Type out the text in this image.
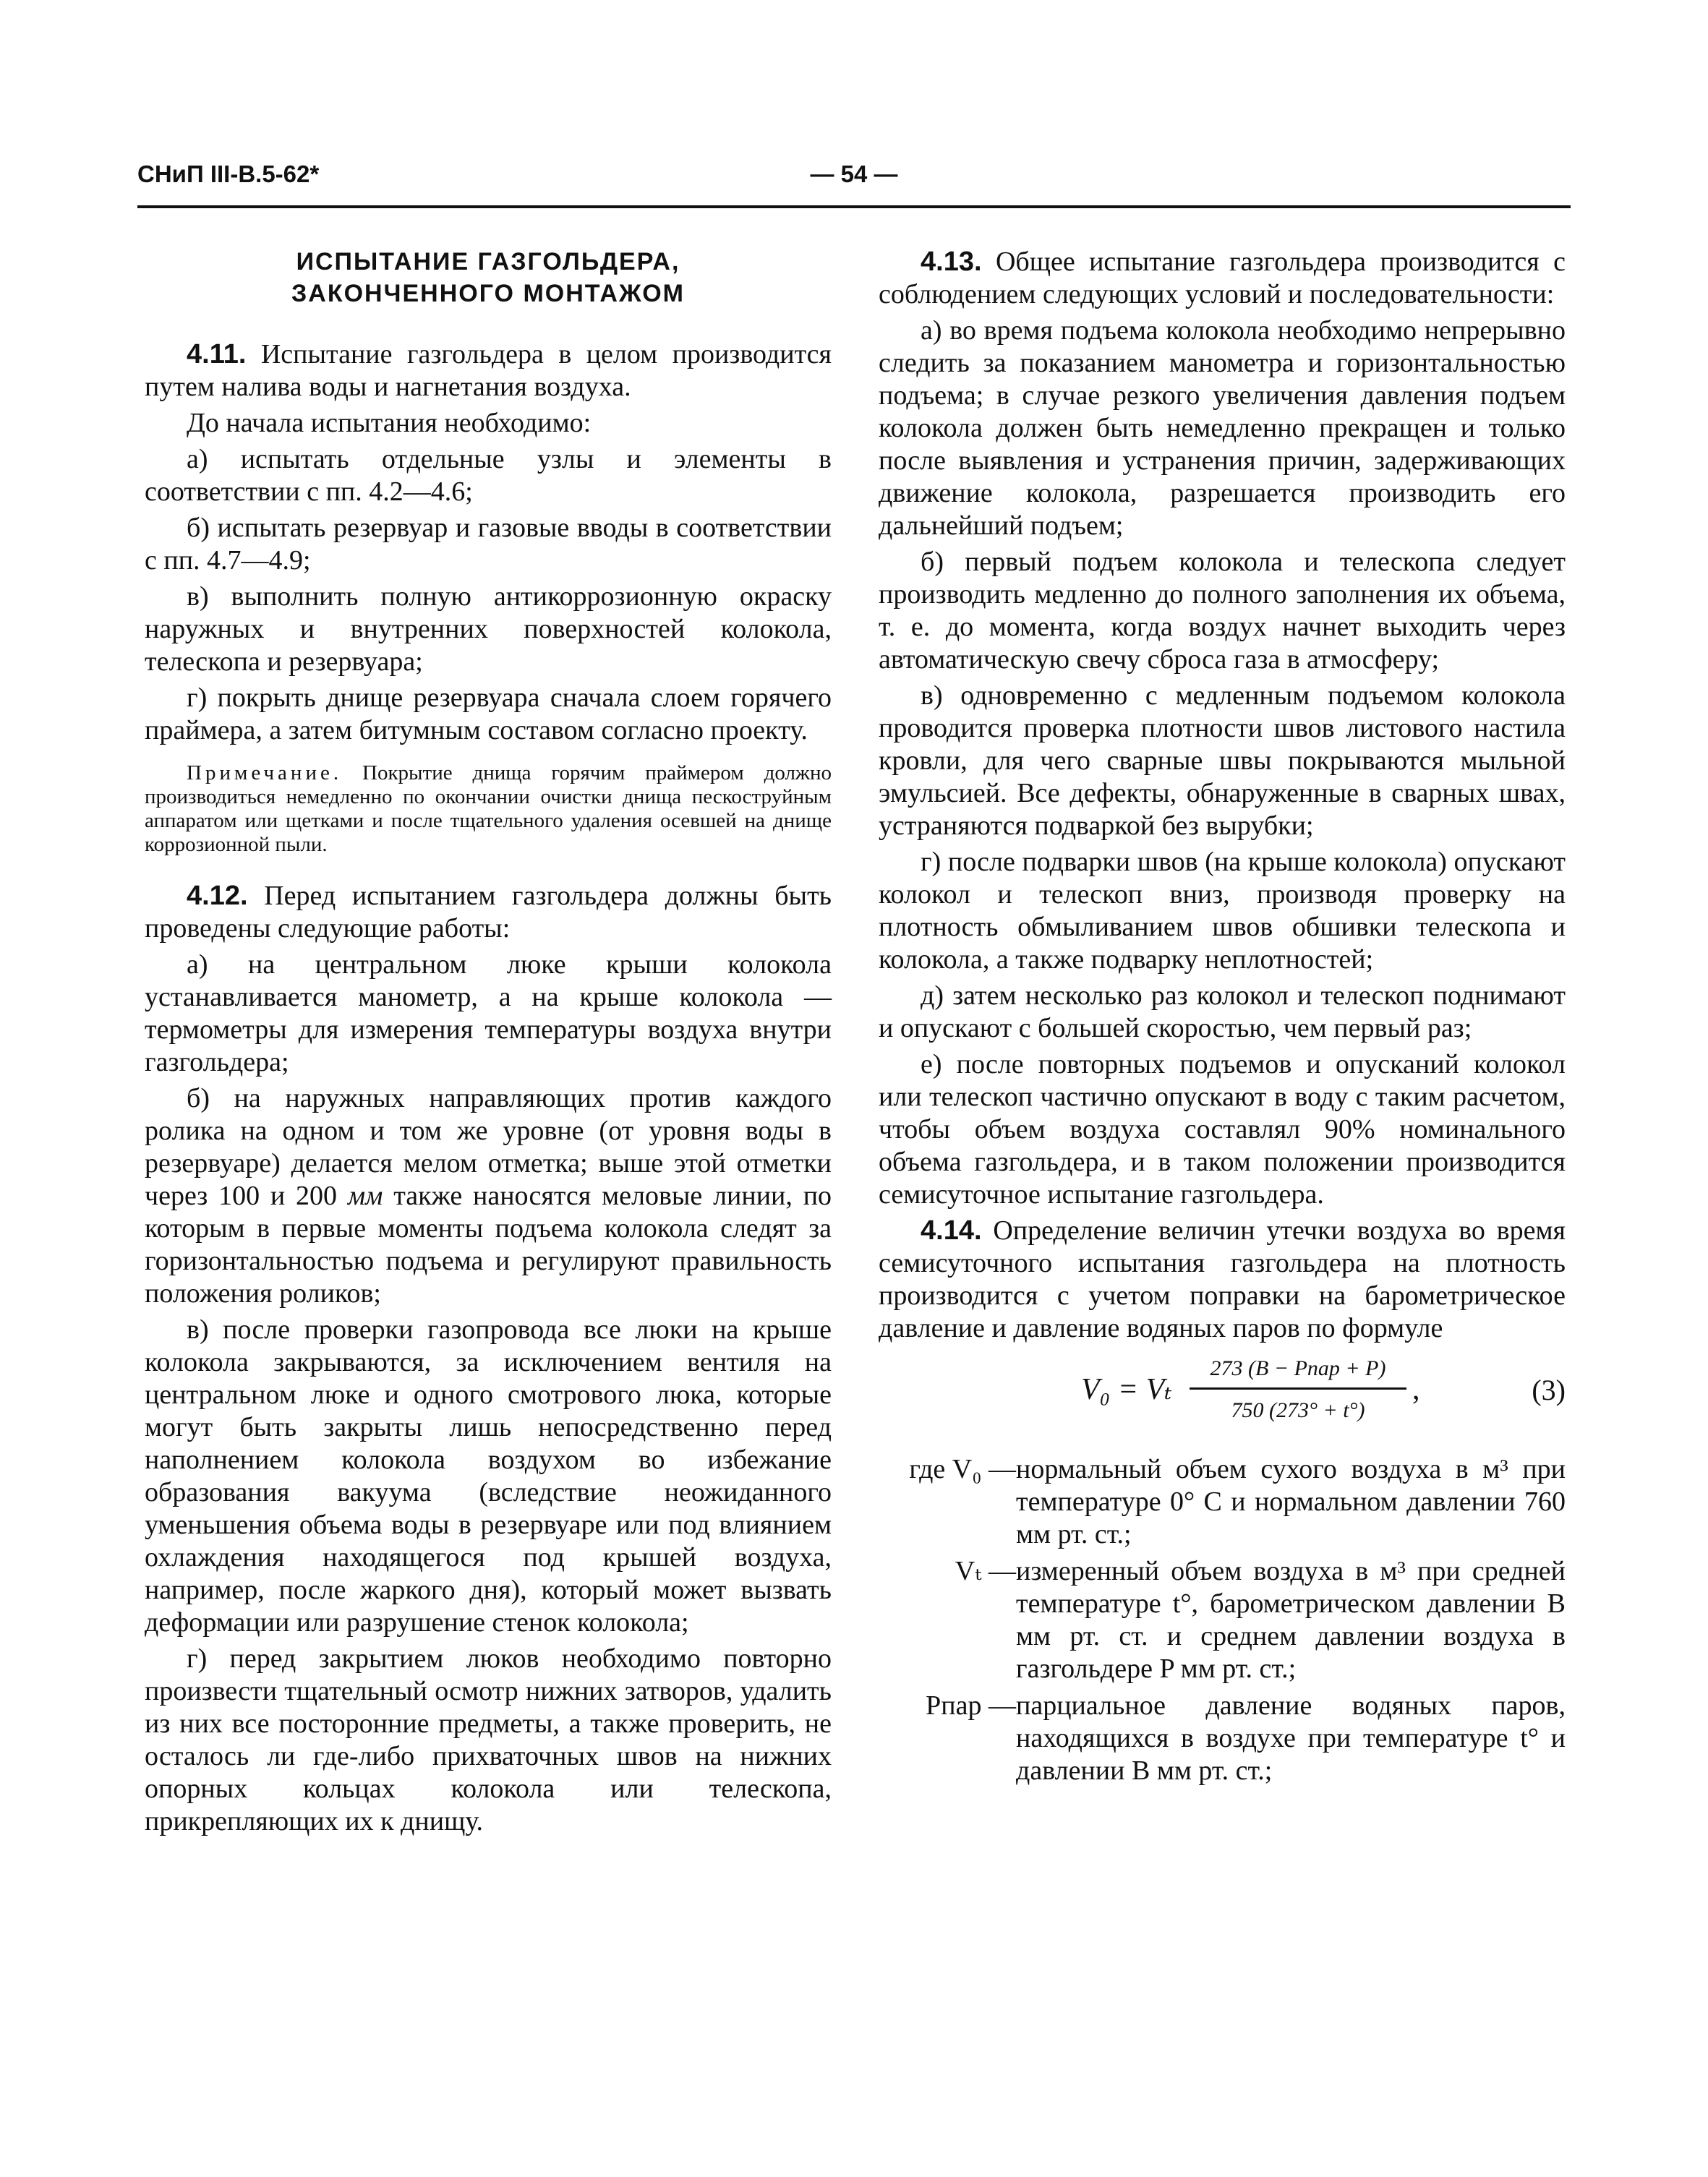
СНиП III-В.5-62*	— 54 —
ИСПЫТАНИЕ ГАЗГОЛЬДЕРА,
ЗАКОНЧЕННОГО МОНТАЖОМ

4.11. Испытание газгольдера в целом производится путем налива воды и нагнетания воздуха.

До начала испытания необходимо:

а) испытать отдельные узлы и элементы в соответствии с пп. 4.2—4.6;

б) испытать резервуар и газовые вводы в соответствии с пп. 4.7—4.9;

в) выполнить полную антикоррозионную окраску наружных и внутренних поверхностей колокола, телескопа и резервуара;

г) покрыть днище резервуара сначала слоем горячего праймера, а затем битумным составом согласно проекту.

Примечание. Покрытие днища горячим праймером должно производиться немедленно по окончании очистки днища пескоструйным аппаратом или щетками и после тщательного удаления осевшей на днище коррозионной пыли.

4.12. Перед испытанием газгольдера должны быть проведены следующие работы:

а) на центральном люке крыши колокола устанавливается манометр, а на крыше колокола — термометры для измерения температуры воздуха внутри газгольдера;

б) на наружных направляющих против каждого ролика на одном и том же уровне (от уровня воды в резервуаре) делается мелом отметка; выше этой отметки через 100 и 200 мм также наносятся меловые линии, по которым в первые моменты подъема колокола следят за горизонтальностью подъема и регулируют правильность положения роликов;

в) после проверки газопровода все люки на крыше колокола закрываются, за исключением вентиля на центральном люке и одного смотрового люка, которые могут быть закрыты лишь непосредственно перед наполнением колокола воздухом во избежание образования вакуума (вследствие неожиданного уменьшения объема воды в резервуаре или под влиянием охлаждения находящегося под крышей воздуха, например, после жаркого дня), который может вызвать деформации или разрушение стенок колокола;

г) перед закрытием люков необходимо повторно произвести тщательный осмотр нижних затворов, удалить из них все посторонние предметы, а также проверить, не осталось ли где-либо прихваточных швов на нижних опорных кольцах колокола или телескопа, прикрепляющих их к днищу.

4.13. Общее испытание газгольдера производится с соблюдением следующих условий и последовательности:

а) во время подъема колокола необходимо непрерывно следить за показанием манометра и горизонтальностью подъема; в случае резкого увеличения давления подъем колокола должен быть немедленно прекращен и только после выявления и устранения причин, задерживающих движение колокола, разрешается производить его дальнейший подъем;

б) первый подъем колокола и телескопа следует производить медленно до полного заполнения их объема, т. е. до момента, когда воздух начнет выходить через автоматическую свечу сброса газа в атмосферу;

в) одновременно с медленным подъемом колокола проводится проверка плотности швов листового настила кровли, для чего сварные швы покрываются мыльной эмульсией. Все дефекты, обнаруженные в сварных швах, устраняются подваркой без вырубки;

г) после подварки швов (на крыше колокола) опускают колокол и телескоп вниз, производя проверку на плотность обмыливанием швов обшивки телескопа и колокола, а также подварку неплотностей;

д) затем несколько раз колокол и телескоп поднимают и опускают с большей скоростью, чем первый раз;

е) после повторных подъемов и опусканий колокол или телескоп частично опускают в воду с таким расчетом, чтобы объем воздуха составлял 90% номинального объема газгольдера, и в таком положении производится семисуточное испытание газгольдера.

4.14. Определение величин утечки воздуха во время семисуточного испытания газгольдера на плотность производится с учетом поправки на барометрическое давление и давление водяных паров по формуле

V₀ = Vₜ
273 (B − Pпар + P)
750 (273° + t°)
,	(3)
где V₀ — нормальный объем сухого воздуха в м³ при температуре 0° С и нормальном давлении 760 мм рт. ст.;
Vₜ — измеренный объем воздуха в м³ при средней температуре t°, барометрическом давлении B мм рт. ст. и среднем давлении воздуха в газгольдере P мм рт. ст.;
Pпар — парциальное давление водяных паров, находящихся в воздухе при температуре t° и давлении B мм рт. ст.;
